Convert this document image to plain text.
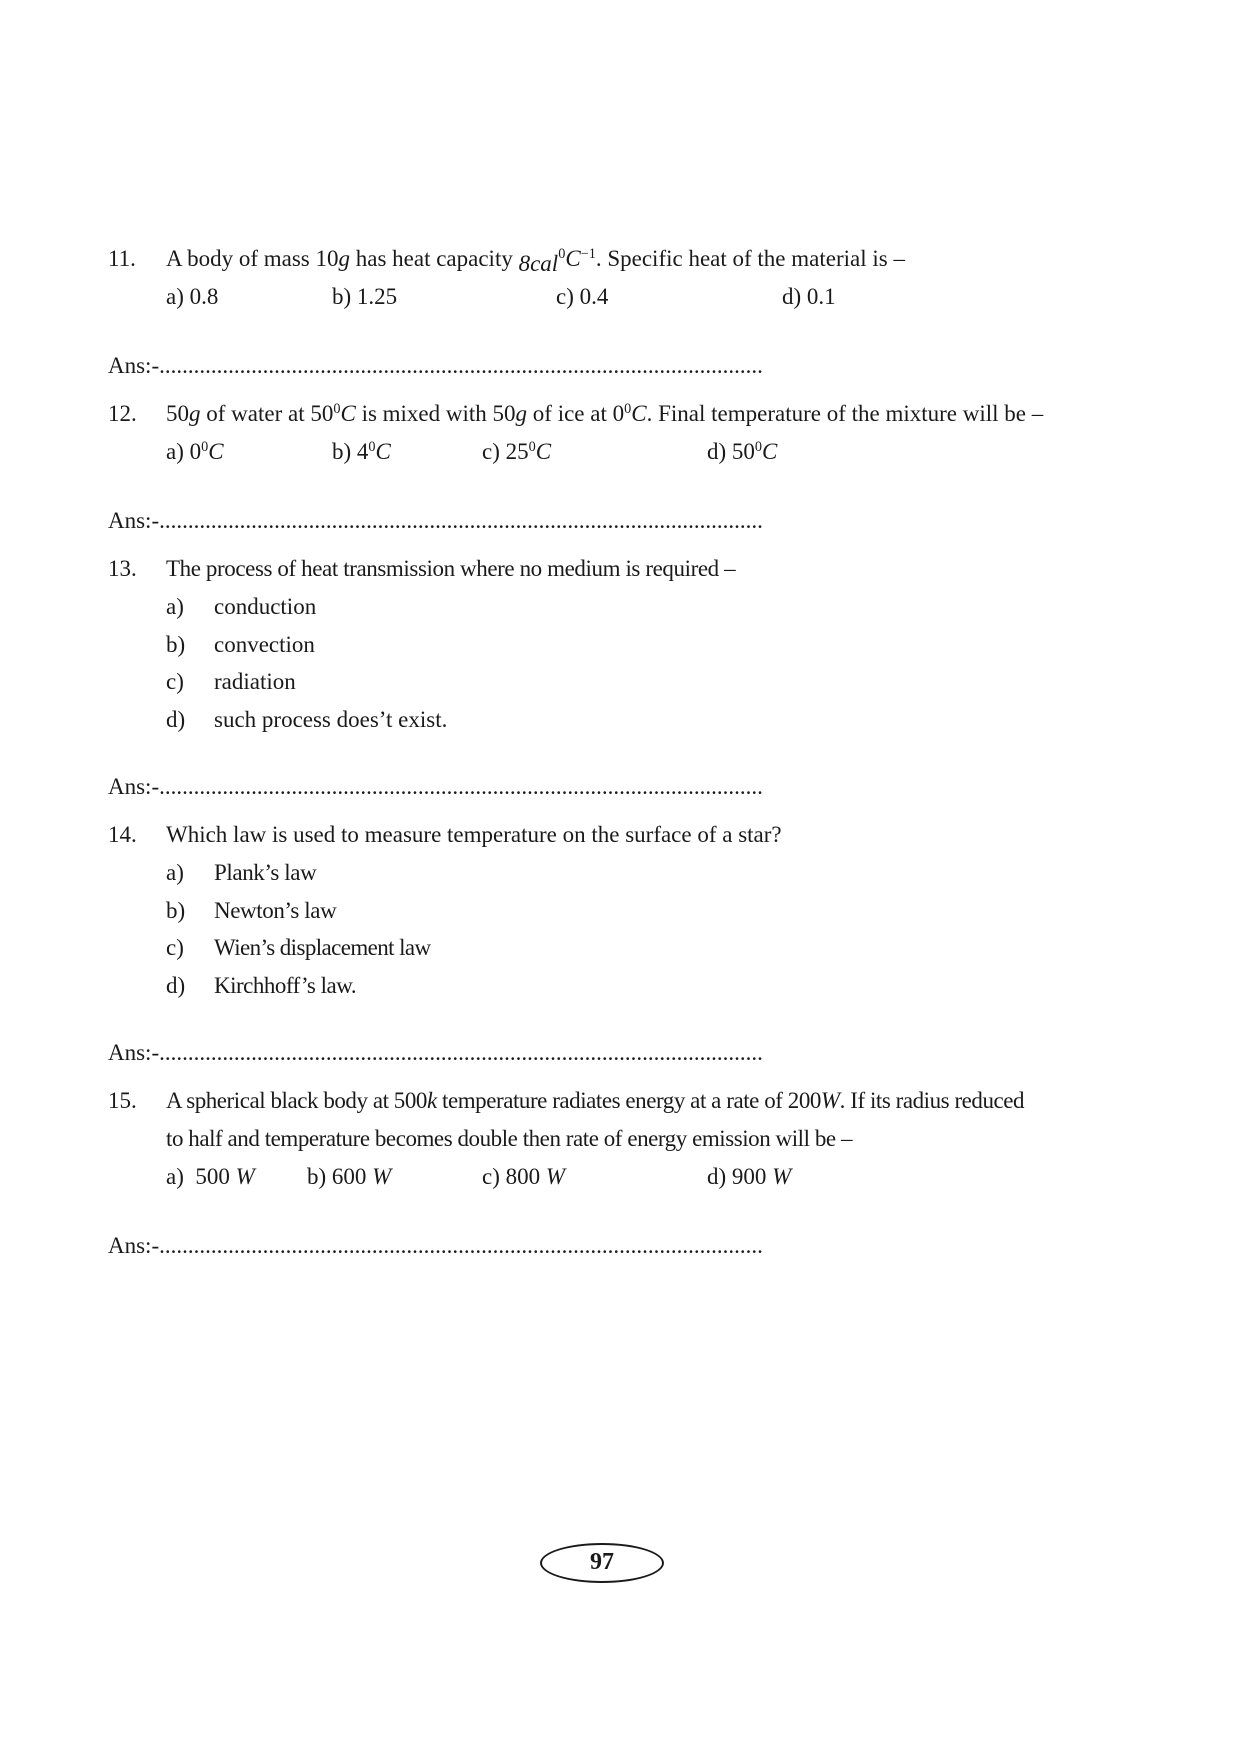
11. A body of mass 10g has heat capacity $8cal^0C^{-1}$. Specific heat of the material is –
a) 0.8	b) 1.25	c) 0.4	d) 0.1
Ans:-.........................................................................................................
12. 50g of water at $50^0C$ is mixed with 50g of ice at $0^0C$. Final temperature of the mixture will be –
a) $0^0C$	b) $4^0C$	c) $25^0C$	d) $50^0C$
Ans:-.........................................................................................................
13. The process of heat transmission where no medium is required –
a) conduction
b) convection
c) radiation
d) such process does’t exist.
Ans:-.........................................................................................................
14. Which law is used to measure temperature on the surface of a star?
a) Plank’s law
b) Newton’s law
c) Wien’s displacement law
d) Kirchhoff’s law.
Ans:-.........................................................................................................
15. A spherical black body at 500k temperature radiates energy at a rate of 200W. If its radius reduced
to half and temperature becomes double then rate of energy emission will be –
a)  500 W b) 600 W	c) 800 W	d) 900 W
Ans:-.........................................................................................................
97
